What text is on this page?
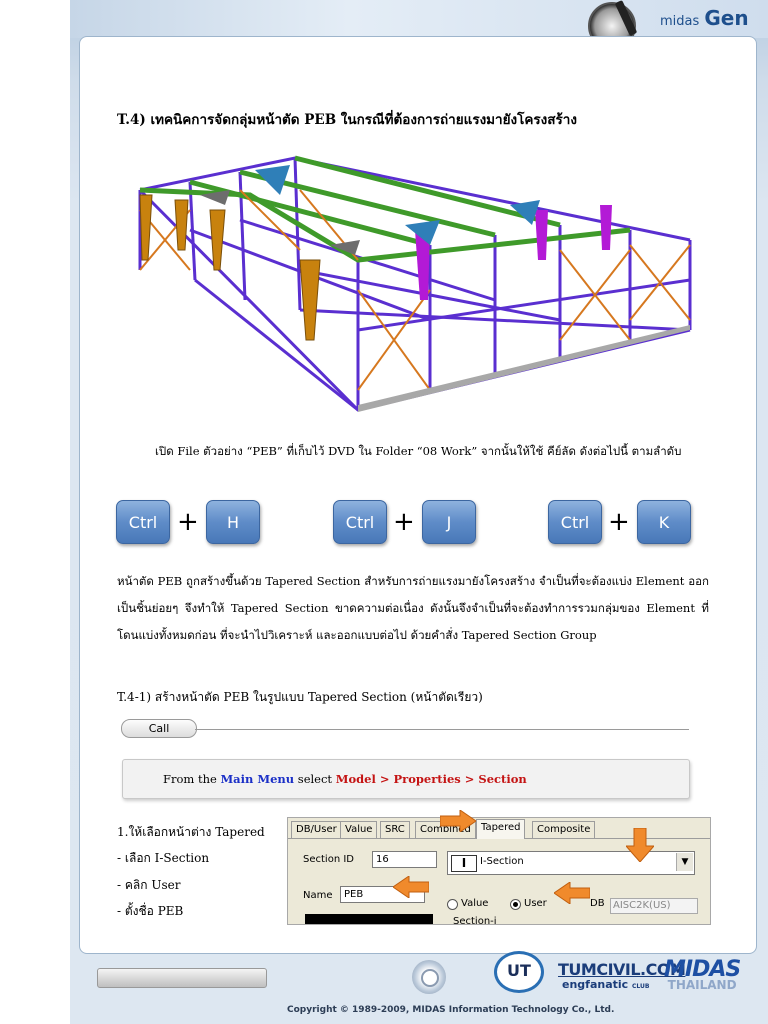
midas Gen
T.4) เทคนิคการจัดกลุ่มหน้าตัด PEB ในกรณีที่ต้องการถ่ายแรงมายังโครงสร้าง
เปิด File ตัวอย่าง “PEB” ที่เก็บไว้ DVD ใน Folder “08 Work” จากนั้นให้ใช้ คีย์ลัด ดังต่อไปนี้ ตามลำดับ
Ctrl +	H	Ctrl +	J	Ctrl +	K
หน้าตัด PEB ถูกสร้างขึ้นด้วย Tapered Section สำหรับการถ่ายแรงมายังโครงสร้าง จำเป็นที่จะต้องแบ่ง Element ออกเป็นชิ้นย่อยๆ จึงทำให้ Tapered Section ขาดความต่อเนื่อง ดังนั้นจึงจำเป็นที่จะต้องทำการรวมกลุ่มของ Element ที่โดนแบ่งทั้งหมดก่อน ที่จะนำไปวิเคราะห์ และออกแบบต่อไป ด้วยคำสั่ง Tapered Section Group
T.4-1) สร้างหน้าตัด PEB ในรูปแบบ Tapered Section (หน้าตัดเรียว)
Call
From the Main Menu select Model > Properties > Section
1.ให้เลือกหน้าต่าง Tapered
- เลือก I-Section
- คลิก User
- ตั้งชื่อ PEB
DB/User Value	SRC	Combined	Tapered	Composite
Section ID	16	I	I-Section	▼
Name	PEB
Value	User	DB AISC2K(US)
Section-i
UT	TUMCIVIL.COM
engfanatic CLUB
MIDAS
THAILAND
Copyright © 1989-2009, MIDAS Information Technology Co., Ltd.
